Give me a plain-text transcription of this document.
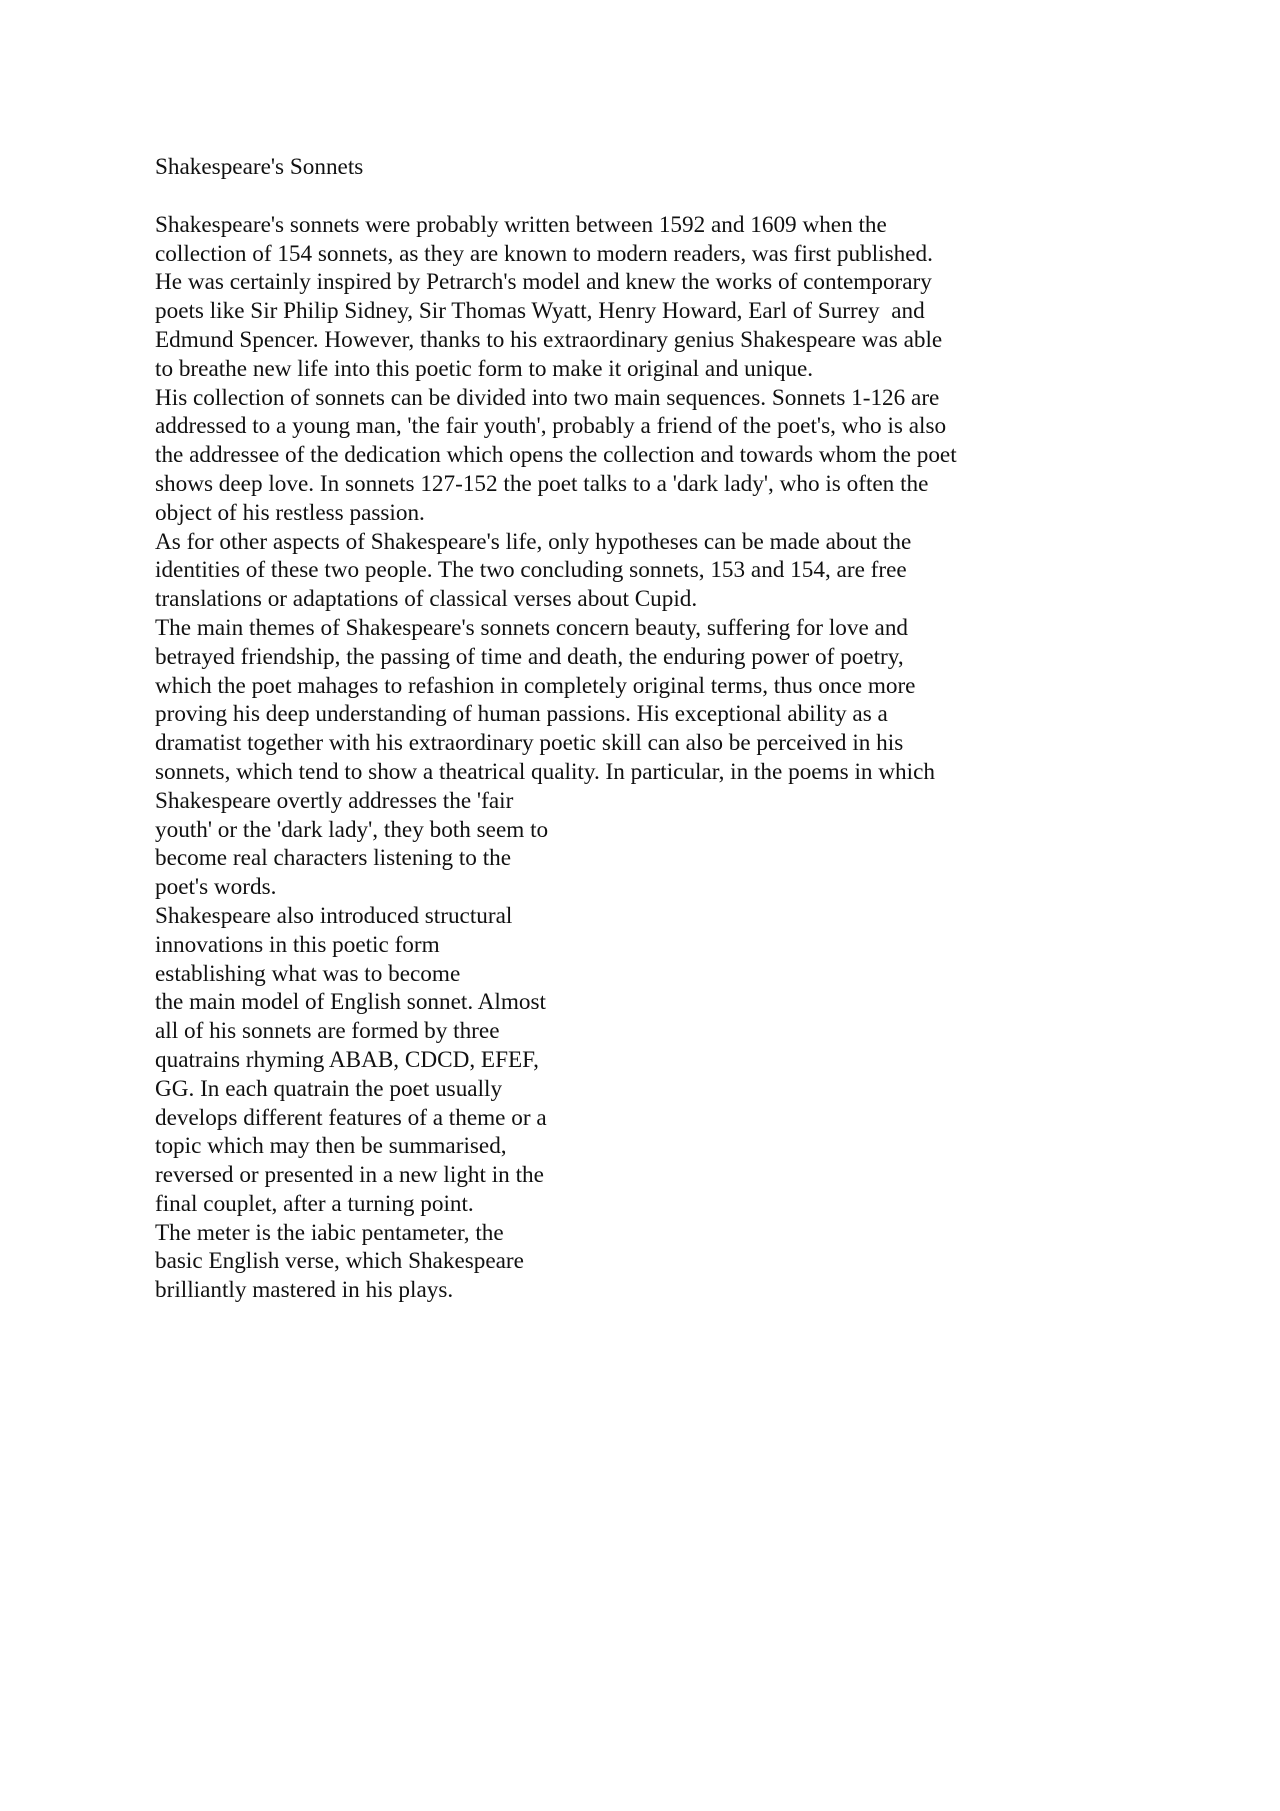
Shakespeare's Sonnets
Shakespeare's sonnets were probably written between 1592 and 1609 when the
collection of 154 sonnets, as they are known to modern readers, was first published.
He was certainly inspired by Petrarch's model and knew the works of contemporary
poets like Sir Philip Sidney, Sir Thomas Wyatt, Henry Howard, Earl of Surrey  and
Edmund Spencer. However, thanks to his extraordinary genius Shakespeare was able
to breathe new life into this poetic form to make it original and unique.
His collection of sonnets can be divided into two main sequences. Sonnets 1-126 are
addressed to a young man, 'the fair youth', probably a friend of the poet's, who is also
the addressee of the dedication which opens the collection and towards whom the poet
shows deep love. In sonnets 127-152 the poet talks to a 'dark lady', who is often the
object of his restless passion.
As for other aspects of Shakespeare's life, only hypotheses can be made about the
identities of these two people. The two concluding sonnets, 153 and 154, are free
translations or adaptations of classical verses about Cupid.
The main themes of Shakespeare's sonnets concern beauty, suffering for love and
betrayed friendship, the passing of time and death, the enduring power of poetry,
which the poet mahages to refashion in completely original terms, thus once more
proving his deep understanding of human passions. His exceptional ability as a
dramatist together with his extraordinary poetic skill can also be perceived in his
sonnets, which tend to show a theatrical quality. In particular, in the poems in which
Shakespeare overtly addresses the 'fair
youth' or the 'dark lady', they both seem to
become real characters listening to the
poet's words.
Shakespeare also introduced structural
innovations in this poetic form
establishing what was to become
the main model of English sonnet. Almost
all of his sonnets are formed by three
quatrains rhyming ABAB, CDCD, EFEF,
GG. In each quatrain the poet usually
develops different features of a theme or a
topic which may then be summarised,
reversed or presented in a new light in the
final couplet, after a turning point.
The meter is the iabic pentameter, the
basic English verse, which Shakespeare
brilliantly mastered in his plays.
